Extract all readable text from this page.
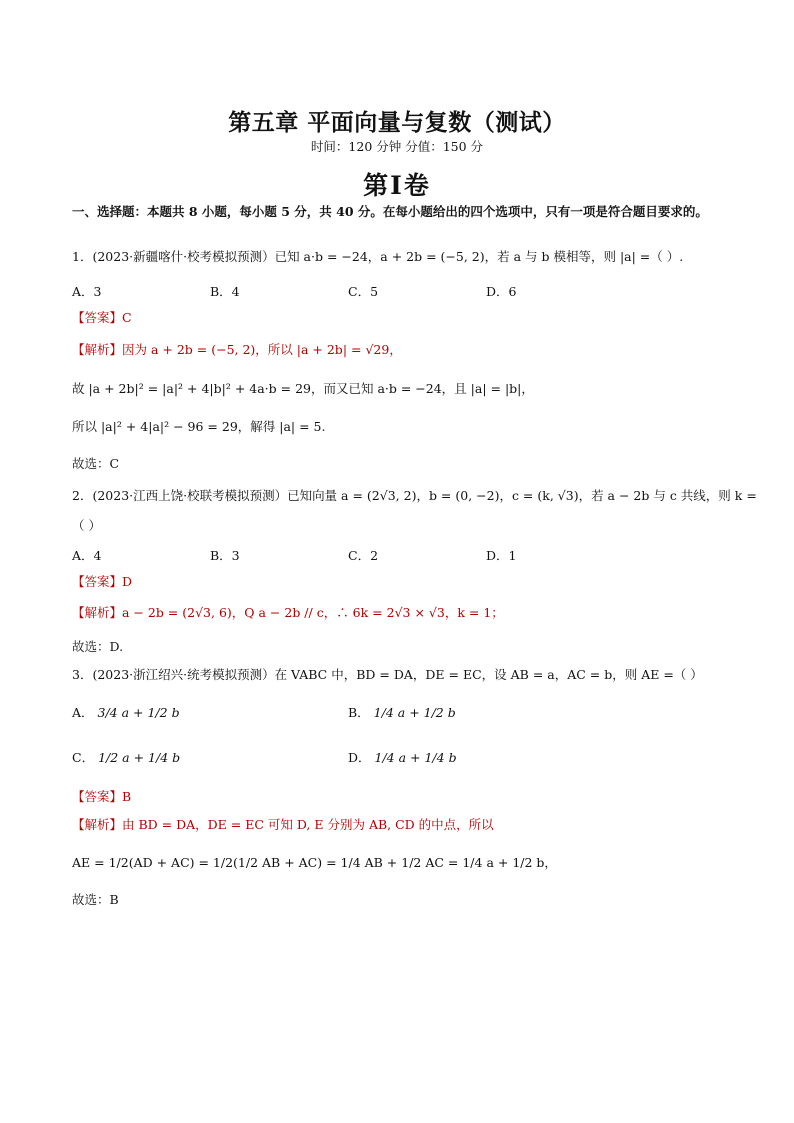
第五章 平面向量与复数（测试）
时间：120 分钟 分值：150 分
第Ⅰ卷
一、选择题：本题共 8 小题，每小题 5 分，共 40 分。在每小题给出的四个选项中，只有一项是符合题目要求的。
1．(2023·新疆喀什·校考模拟预测）已知 a·b = −24，a + 2b = (−5, 2)，若 a 与 b 模相等，则 |a| =（ ）.
A．3	B．4	C．5	D．6
【答案】C
【解析】因为 a + 2b = (−5, 2)，所以 |a + 2b| = √29，
故 |a + 2b|² = |a|² + 4|b|² + 4a·b = 29，而又已知 a·b = −24，且 |a| = |b|，
所以 |a|² + 4|a|² − 96 = 29，解得 |a| = 5.
故选：C
2．(2023·江西上饶·校联考模拟预测）已知向量 a = (2√3, 2)，b = (0, −2)，c = (k, √3)，若 a − 2b 与 c 共线，则 k =
（ ）
A．4	B．3	C．2	D．1
【答案】D
【解析】a − 2b = (2√3, 6)，Q a − 2b // c，∴ 6k = 2√3 × √3，k = 1；
故选：D.
3．(2023·浙江绍兴·统考模拟预测）在 VABC 中，BD = DA，DE = EC，设 AB = a，AC = b，则 AE =（ ）
A． 3/4 a + 1/2 b	B． 1/4 a + 1/2 b
C． 1/2 a + 1/4 b	D． 1/4 a + 1/4 b
【答案】B
【解析】由 BD = DA，DE = EC 可知 D, E 分别为 AB, CD 的中点，所以
AE = 1/2(AD + AC) = 1/2(1/2 AB + AC) = 1/4 AB + 1/2 AC = 1/4 a + 1/2 b，
故选：B
